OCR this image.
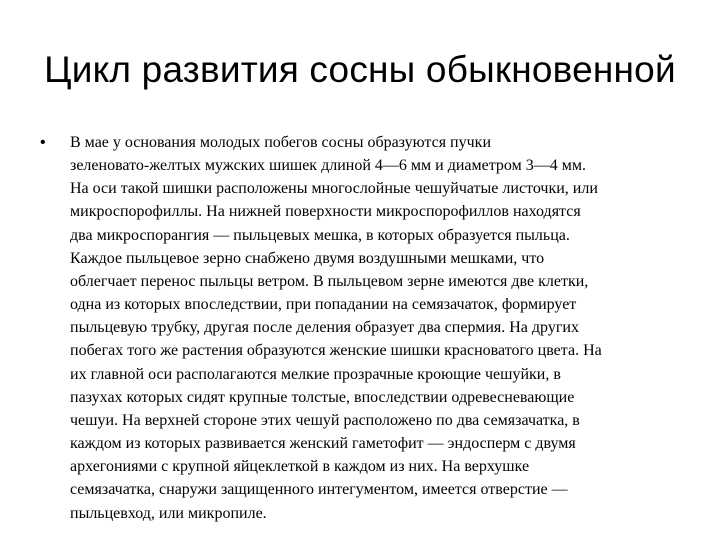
Цикл развития сосны обыкновенной
•	В мае у основания молодых побегов сосны образуются пучки
зеленовато-желтых мужских шишек длиной 4—6 мм и диаметром 3—4 мм.
На оси такой шишки расположены многослойные чешуйчатые листочки, или
микроспорофиллы. На нижней поверхности микроспорофиллов находятся
два микроспорангия — пыльцевых мешка, в которых образуется пыльца.
Каждое пыльцевое зерно снабжено двумя воздушными мешками, что
облегчает перенос пыльцы ветром. В пыльцевом зерне имеются две клетки,
одна из которых впоследствии, при попадании на семязачаток, формирует
пыльцевую трубку, другая после деления образует два спермия. На других
побегах того же растения образуются женские шишки красноватого цвета. На
их главной оси располагаются мелкие прозрачные кроющие чешуйки, в
пазухах которых сидят крупные толстые, впоследствии одревесневающие
чешуи. На верхней стороне этих чешуй расположено по два семязачатка, в
каждом из которых развивается женский гаметофит — эндосперм с двумя
архегониями с крупной яйцеклеткой в каждом из них. На верхушке
семязачатка, снаружи защищенного интегументом, имеется отверстие —
пыльцевход, или микропиле.
